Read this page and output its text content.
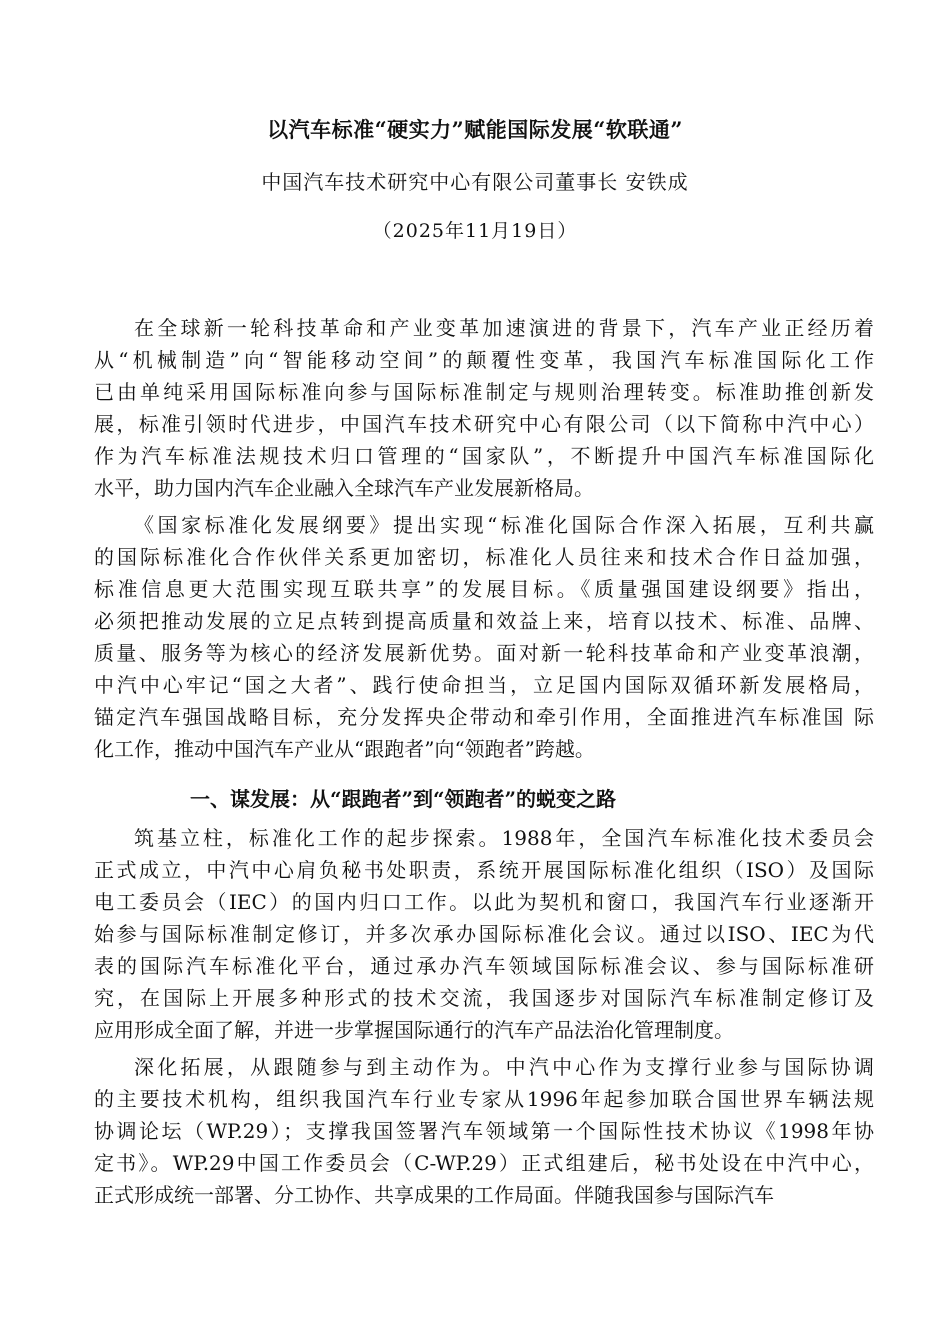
以汽车标准“硬实力”赋能国际发展“软联通”
中国汽车技术研究中心有限公司董事长 安铁成
（2025年11月19日）
在全球新一轮科技革命和产业变革加速演进的背景下，汽车产业正经历着
从“机械制造”向“智能移动空间”的颠覆性变革，我国汽车标准国际化工作
已由单纯采用国际标准向参与国际标准制定与规则治理转变。标准助推创新发
展，标准引领时代进步，中国汽车技术研究中心有限公司（以下简称中汽中心）
作为汽车标准法规技术归口管理的“国家队”，不断提升中国汽车标准国际化
水平，助力国内汽车企业融入全球汽车产业发展新格局。
《国家标准化发展纲要》提出实现“标准化国际合作深入拓展，互利共赢
的国际标准化合作伙伴关系更加密切，标准化人员往来和技术合作日益加强，
标准信息更大范围实现互联共享”的发展目标。《质量强国建设纲要》指出，
必须把推动发展的立足点转到提高质量和效益上来，培育以技术、标准、品牌、
质量、服务等为核心的经济发展新优势。面对新一轮科技革命和产业变革浪潮，
中汽中心牢记“国之大者”、践行使命担当，立足国内国际双循环新发展格局，
锚定汽车强国战略目标，充分发挥央企带动和牵引作用，全面推进汽车标准国 际
化工作，推动中国汽车产业从“跟跑者”向“领跑者”跨越。
一、谋发展：从“跟跑者”到“领跑者”的蜕变之路
筑基立柱，标准化工作的起步探索。1988年，全国汽车标准化技术委员会
正式成立，中汽中心肩负秘书处职责，系统开展国际标准化组织（ISO）及国际
电工委员会（IEC）的国内归口工作。以此为契机和窗口，我国汽车行业逐渐开
始参与国际标准制定修订，并多次承办国际标准化会议。通过以ISO、IEC为代
表的国际汽车标准化平台，通过承办汽车领域国际标准会议、参与国际标准研
究，在国际上开展多种形式的技术交流，我国逐步对国际汽车标准制定修订及
应用形成全面了解，并进一步掌握国际通行的汽车产品法治化管理制度。
深化拓展，从跟随参与到主动作为。中汽中心作为支撑行业参与国际协调
的主要技术机构，组织我国汽车行业专家从1996年起参加联合国世界车辆法规
协调论坛（WP.29）；支撑我国签署汽车领域第一个国际性技术协议《1998年协
定书》。WP.29中国工作委员会（C-WP.29）正式组建后，秘书处设在中汽中心，
正式形成统一部署、分工协作、共享成果的工作局面。伴随我国参与国际汽车
